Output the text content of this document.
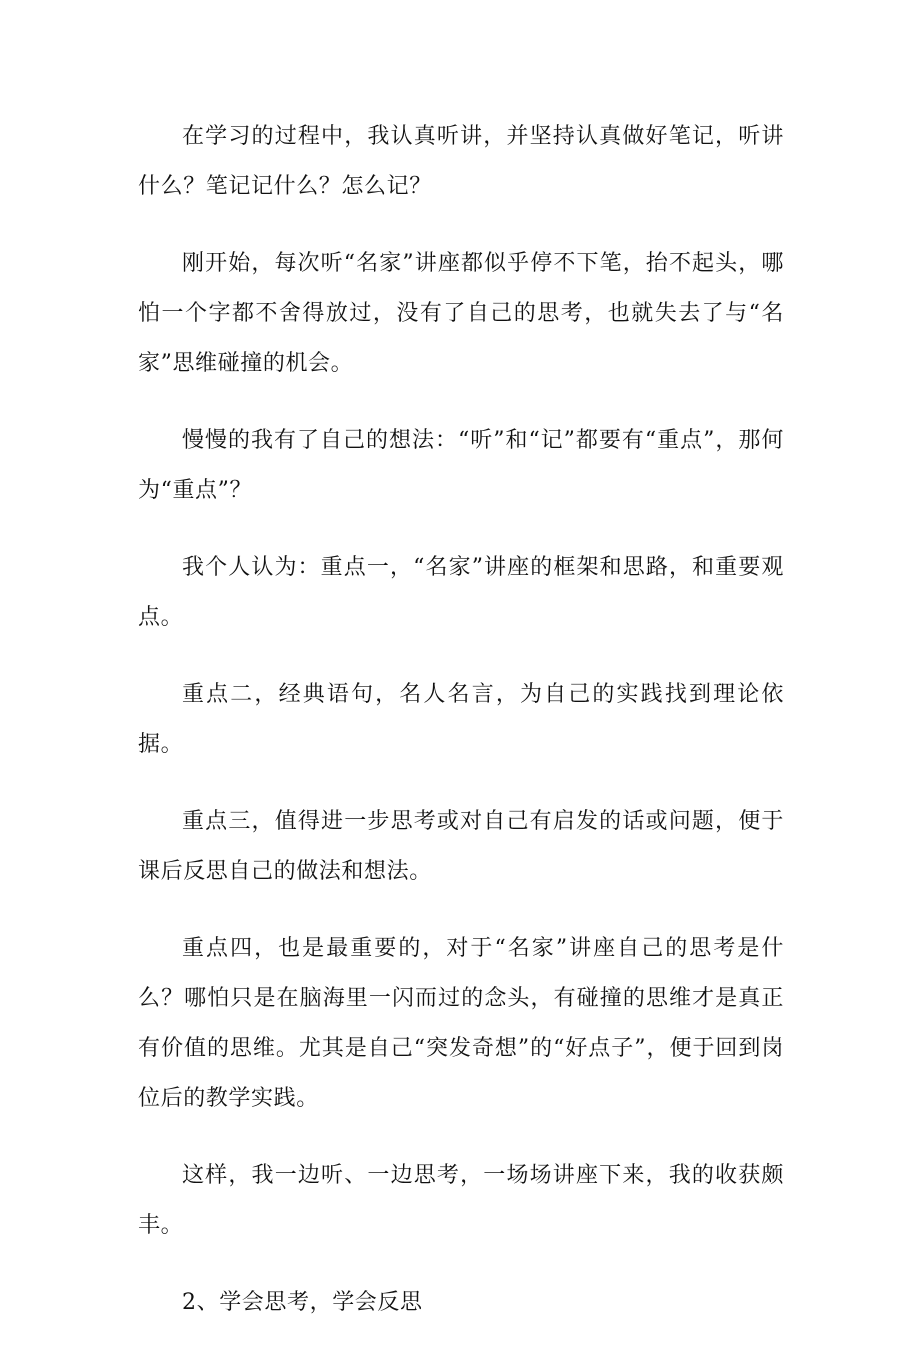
在学习的过程中，我认真听讲，并坚持认真做好笔记，听讲什么？笔记记什么？怎么记？

刚开始，每次听“名家”讲座都似乎停不下笔，抬不起头，哪怕一个字都不舍得放过，没有了自己的思考，也就失去了与“名家”思维碰撞的机会。

慢慢的我有了自己的想法：“听”和“记”都要有“重点”，那何为“重点”？

我个人认为：重点一，“名家”讲座的框架和思路，和重要观点。

重点二，经典语句，名人名言，为自己的实践找到理论依据。

重点三，值得进一步思考或对自己有启发的话或问题，便于课后反思自己的做法和想法。

重点四，也是最重要的，对于“名家”讲座自己的思考是什么？哪怕只是在脑海里一闪而过的念头，有碰撞的思维才是真正有价值的思维。尤其是自己“突发奇想”的“好点子”，便于回到岗位后的教学实践。

这样，我一边听、一边思考，一场场讲座下来，我的收获颇丰。

2、学会思考，学会反思
